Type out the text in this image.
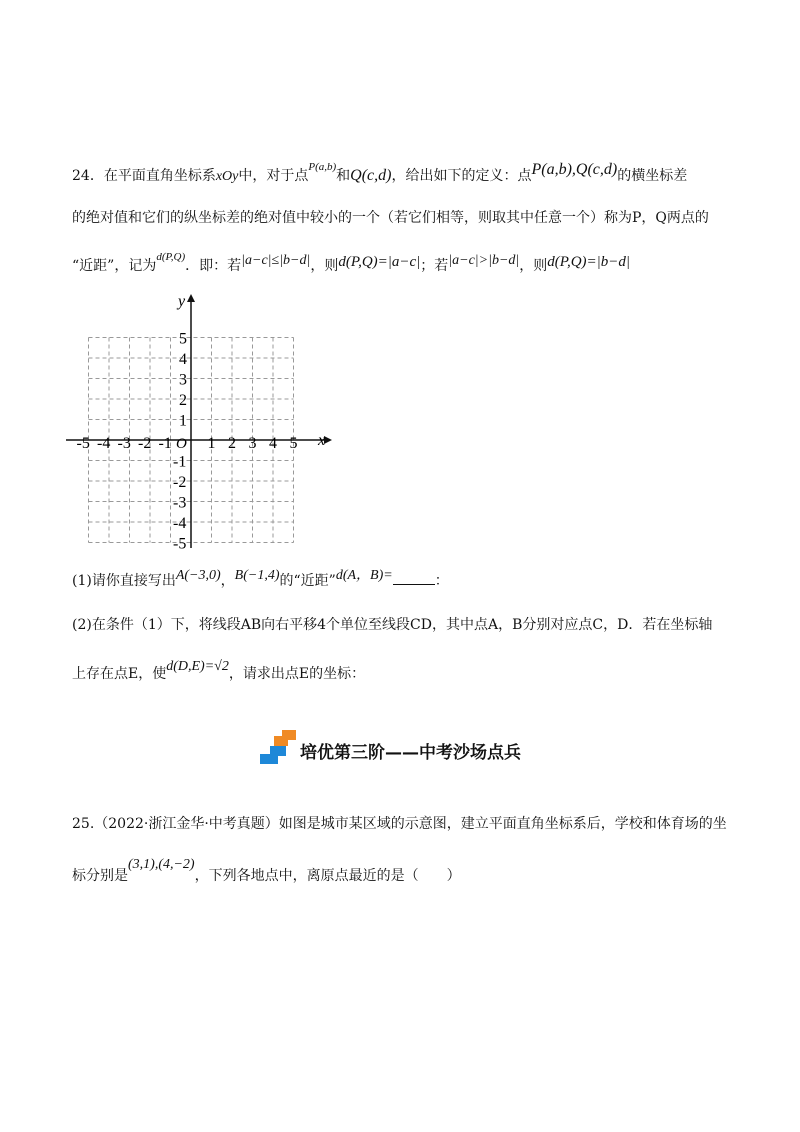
24．在平面直角坐标系xOy中，对于点$^{P(a,b)}$和Q(c,d)，给出如下的定义：点P(a,b),Q(c,d)的横坐标差
的绝对值和它们的纵坐标差的绝对值中较小的一个（若它们相等，则取其中任意一个）称为P，Q两点的
“近距”，记为$^{d(P,Q)}$．即：若|a−c|≤|b−d|，则d(P,Q)=|a−c|；若|a−c|>|b−d|，则d(P,Q)=|b−d|
x
y
O
-5 -4 -3 -2 -1 1 2 3 4 5
5
4
3
2
1
-1
-2
-3
-4
-5
(1)请你直接写出A(−3,0)，B(−1,4)的“近距”d(A，B)=	：
(2)在条件（1）下，将线段AB向右平移4个单位至线段CD，其中点A，B分别对应点C，D．若在坐标轴
上存在点E，使d(D,E)=√2，请求出点E的坐标：
培优第三阶——中考沙场点兵
25.（2022·浙江金华·中考真题）如图是城市某区域的示意图，建立平面直角坐标系后，学校和体育场的坐
标分别是(3,1),(4,−2)，下列各地点中，离原点最近的是（　　）
